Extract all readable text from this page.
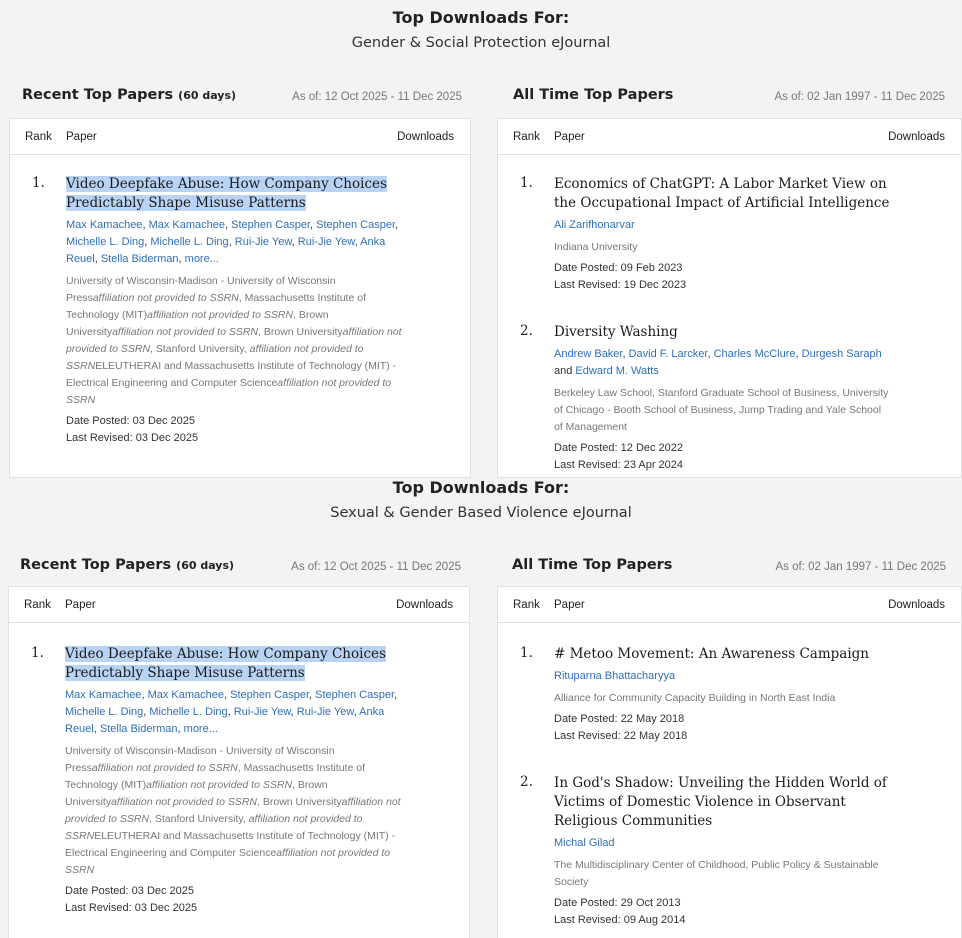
Top Downloads For:
Gender & Social Protection eJournal
Recent Top Papers (60 days)	As of: 12 Oct 2025 - 11 Dec 2025
Rank Paper	Downloads
1. Video Deepfake Abuse: How Company Choices Predictably Shape Misuse Patterns
Max Kamachee, Max Kamachee, Stephen Casper, Stephen Casper, Michelle L. Ding, Michelle L. Ding, Rui-Jie Yew, Rui-Jie Yew, Anka Reuel, Stella Biderman, more...
University of Wisconsin-Madison - University of Wisconsin Pressaffiliation not provided to SSRN, Massachusetts Institute of Technology (MIT)affiliation not provided to SSRN, Brown Universityaffiliation not provided to SSRN, Brown Universityaffiliation not provided to SSRN, Stanford University, affiliation not provided to SSRNELEUTHERAI and Massachusetts Institute of Technology (MIT) - Electrical Engineering and Computer Scienceaffiliation not provided to SSRN
Date Posted: 03 Dec 2025
Last Revised: 03 Dec 2025
All Time Top Papers	As of: 02 Jan 1997 - 11 Dec 2025
Rank Paper	Downloads
1. Economics of ChatGPT: A Labor Market View on the Occupational Impact of Artificial Intelligence
Ali Zarifhonarvar
Indiana University
Date Posted: 09 Feb 2023
Last Revised: 19 Dec 2023
2. Diversity Washing
Andrew Baker, David F. Larcker, Charles McClure, Durgesh Saraph and Edward M. Watts
Berkeley Law School, Stanford Graduate School of Business, University of Chicago - Booth School of Business, Jump Trading and Yale School of Management
Date Posted: 12 Dec 2022
Last Revised: 23 Apr 2024
Top Downloads For:
Sexual & Gender Based Violence eJournal
Recent Top Papers (60 days)	As of: 12 Oct 2025 - 11 Dec 2025
Rank Paper	Downloads
1. Video Deepfake Abuse: How Company Choices Predictably Shape Misuse Patterns
Max Kamachee, Max Kamachee, Stephen Casper, Stephen Casper, Michelle L. Ding, Michelle L. Ding, Rui-Jie Yew, Rui-Jie Yew, Anka Reuel, Stella Biderman, more...
University of Wisconsin-Madison - University of Wisconsin Pressaffiliation not provided to SSRN, Massachusetts Institute of Technology (MIT)affiliation not provided to SSRN, Brown Universityaffiliation not provided to SSRN, Brown Universityaffiliation not provided to SSRN, Stanford University, affiliation not provided to SSRNELEUTHERAI and Massachusetts Institute of Technology (MIT) - Electrical Engineering and Computer Scienceaffiliation not provided to SSRN
Date Posted: 03 Dec 2025
Last Revised: 03 Dec 2025
All Time Top Papers	As of: 02 Jan 1997 - 11 Dec 2025
Rank Paper	Downloads
1. # Metoo Movement: An Awareness Campaign
Rituparna Bhattacharyya
Alliance for Community Capacity Building in North East India
Date Posted: 22 May 2018
Last Revised: 22 May 2018
2. In God's Shadow: Unveiling the Hidden World of Victims of Domestic Violence in Observant Religious Communities
Michal Gilad
The Multidisciplinary Center of Childhood, Public Policy & Sustainable Society
Date Posted: 29 Oct 2013
Last Revised: 09 Aug 2014
